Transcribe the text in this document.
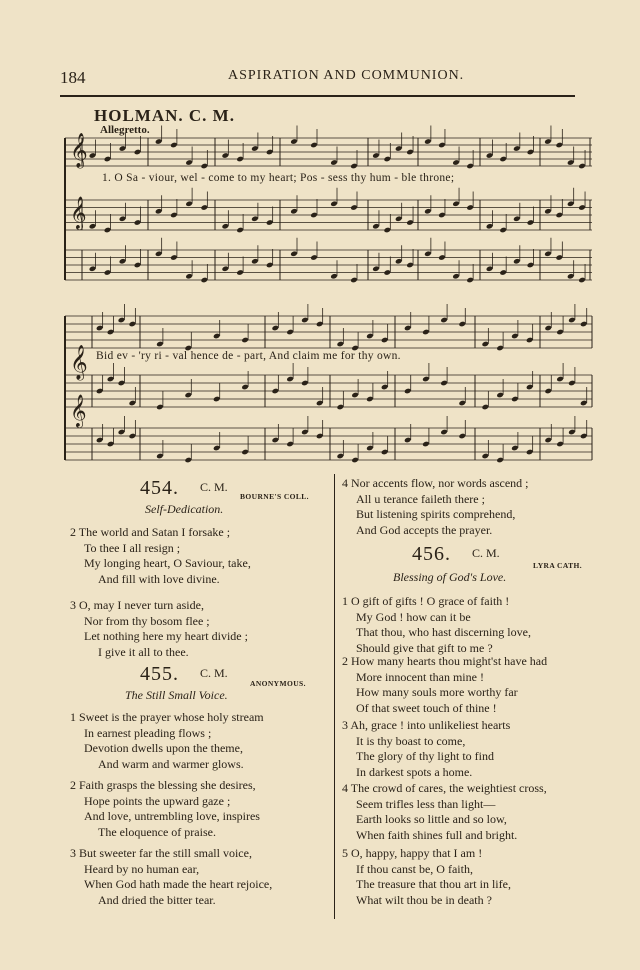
184	ASPIRATION AND COMMUNION.
HOLMAN. C. M.
Allegretto.
𝄞
𝄞
𝄞
𝄞
1. O Sa - viour, wel - come to my heart; Pos - sess thy hum - ble throne;
Bid ev - 'ry ri - val hence de - part, And claim me for thy own.
454. C. M.
BOURNE'S COLL.
Self-Dedication.
2 The world and Satan I forsake ;
To thee I all resign ;
My longing heart, O Saviour, take,
And fill with love divine.
3 O, may I never turn aside,
Nor from thy bosom flee ;
Let nothing here my heart divide ;
I give it all to thee.
455. C. M.
ANONYMOUS.
The Still Small Voice.
1 Sweet is the prayer whose holy stream
In earnest pleading flows ;
Devotion dwells upon the theme,
And warm and warmer glows.
2 Faith grasps the blessing she desires,
Hope points the upward gaze ;
And love, untrembling love, inspires
The eloquence of praise.
3 But sweeter far the still small voice,
Heard by no human ear,
When God hath made the heart rejoice,
And dried the bitter tear.
4 Nor accents flow, nor words ascend ;
All u terance faileth there ;
But listening spirits comprehend,
And God accepts the prayer.
456. C. M.
LYRA CATH.
Blessing of God's Love.
1 O gift of gifts ! O grace of faith !
My God ! how can it be
That thou, who hast discerning love,
Should give that gift to me ?
2 How many hearts thou might'st have had
More innocent than mine !
How many souls more worthy far
Of that sweet touch of thine !
3 Ah, grace ! into unlikeliest hearts
It is thy boast to come,
The glory of thy light to find
In darkest spots a home.
4 The crowd of cares, the weightiest cross,
Seem trifles less than light—
Earth looks so little and so low,
When faith shines full and bright.
5 O, happy, happy that I am !
If thou canst be, O faith,
The treasure that thou art in life,
What wilt thou be in death ?
